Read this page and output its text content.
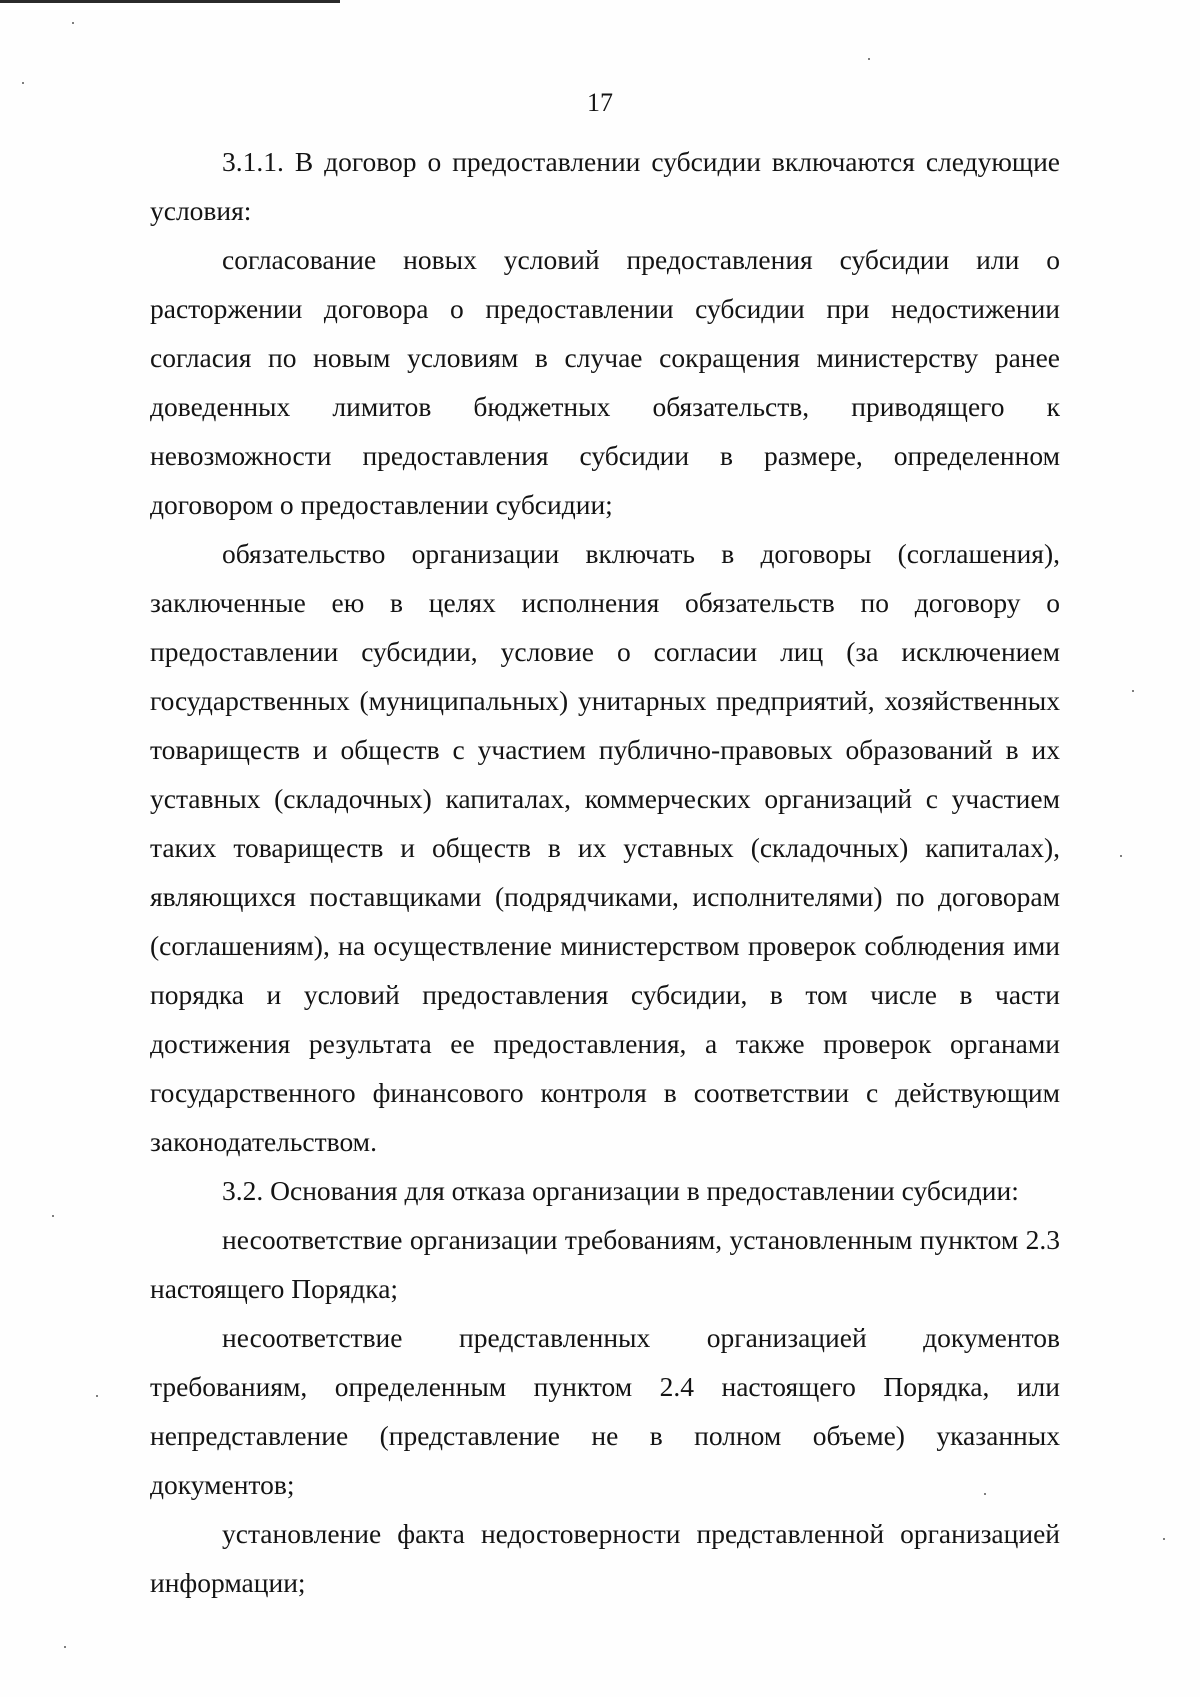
17

3.1.1. В договор о предоставлении субсидии включаются следующие условия:

согласование новых условий предоставления субсидии или о расторжении договора о предоставлении субсидии при недостижении согласия по новым условиям в случае сокращения министерству ранее доведенных лимитов бюджетных обязательств, приводящего к невозможности предоставления субсидии в размере, определенном договором о предоставлении субсидии;

обязательство организации включать в договоры (соглашения), заключенные ею в целях исполнения обязательств по договору о предоставлении субсидии, условие о согласии лиц (за исключением государственных (муниципальных) унитарных предприятий, хозяйственных товариществ и обществ с участием публично-правовых образований в их уставных (складочных) капиталах, коммерческих организаций с участием таких товариществ и обществ в их уставных (складочных) капиталах), являющихся поставщиками (подрядчиками, исполнителями) по договорам (соглашениям), на осуществление министерством проверок соблюдения ими порядка и условий предоставления субсидии, в том числе в части достижения результата ее предоставления, а также проверок органами государственного финансового контроля в соответствии с действующим законодательством.

3.2. Основания для отказа организации в предоставлении субсидии:

несоответствие организации требованиям, установленным пунктом 2.3 настоящего Порядка;

несоответствие представленных организацией документов требованиям, определенным пунктом 2.4 настоящего Порядка, или непредставление (представление не в полном объеме) указанных документов;

установление факта недостоверности представленной организацией информации;
